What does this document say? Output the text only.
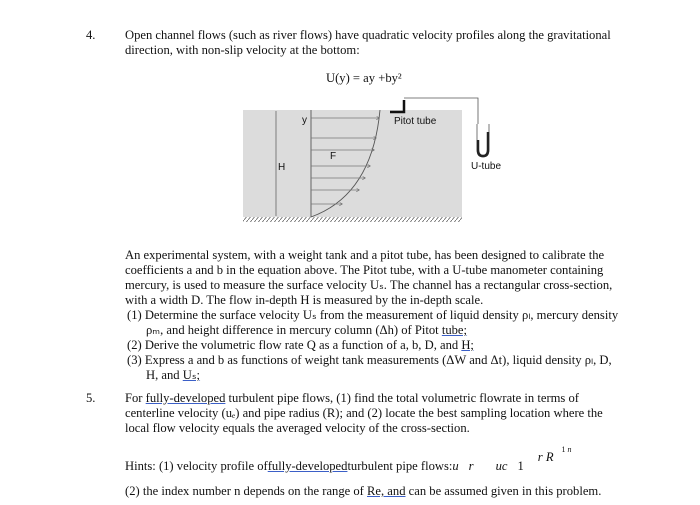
4. Open channel flows (such as river flows) have quadratic velocity profiles along the gravitational
direction, with non-slip velocity at the bottom:
U(y) = ay +by²
y	Pitot tube
F
H	U-tube
An experimental system, with a weight tank and a pitot tube, has been designed to calibrate the
coefficients a and b in the equation above. The Pitot tube, with a U-tube manometer containing
mercury, is used to measure the surface velocity Uₛ. The channel has a rectangular cross-section,
with a width D. The flow in-depth H is measured by the in-depth scale.
(1) Determine the surface velocity Uₛ from the measurement of liquid density ρₗ, mercury density
ρₘ, and height difference in mercury column (Δh) of Pitot tube;
(2) Derive the volumetric flow rate Q as a function of a, b, D, and H;
(3) Express a and b as functions of weight tank measurements (ΔW and Δt), liquid density ρₗ, D,
H, and Uₛ;
5. For fully-developed turbulent pipe flows, (1) find the total volumetric flowrate in terms of
centerline velocity (uₑ) and pipe radius (R); and (2) locate the best sampling location where the
local flow velocity equals the averaged velocity of the cross-section.
Hints: (1) velocity profile of fully-developed turbulent pipe flows: u r uc 1
r R
1 n
(2) the index number n depends on the range of Re, and can be assumed given in this problem.
